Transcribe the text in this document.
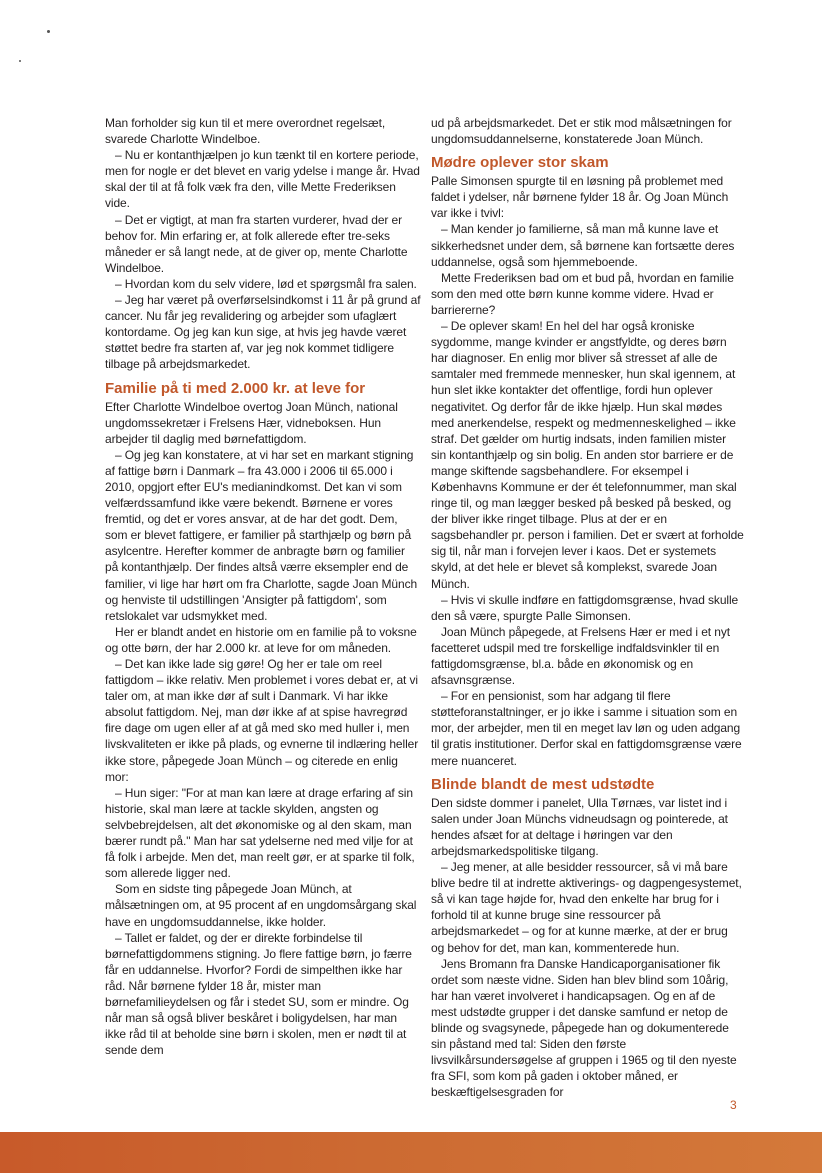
Man forholder sig kun til et mere overordnet regelsæt, svarede Charlotte Windelboe.

– Nu er kontanthjælpen jo kun tænkt til en kortere periode, men for nogle er det blevet en varig ydelse i mange år. Hvad skal der til at få folk væk fra den, ville Mette Frederiksen vide.

– Det er vigtigt, at man fra starten vurderer, hvad der er behov for. Min erfaring er, at folk allerede efter tre-seks måneder er så langt nede, at de giver op, mente Charlotte Windelboe.

– Hvordan kom du selv videre, lød et spørgsmål fra salen.

– Jeg har været på overførselsindkomst i 11 år på grund af cancer. Nu får jeg revalidering og arbejder som ufaglært kontordame. Og jeg kan kun sige, at hvis jeg havde været støttet bedre fra starten af, var jeg nok kommet tidligere tilbage på arbejdsmarkedet.

Familie på ti med 2.000 kr. at leve for

Efter Charlotte Windelboe overtog Joan Münch, national ungdomssekretær i Frelsens Hær, vidneboksen. Hun arbejder til daglig med børnefattigdom.

– Og jeg kan konstatere, at vi har set en markant stigning af fattige børn i Danmark – fra 43.000 i 2006 til 65.000 i 2010, opgjort efter EU's medianindkomst. Det kan vi som velfærdssamfund ikke være bekendt. Børnene er vores fremtid, og det er vores ansvar, at de har det godt. Dem, som er blevet fattigere, er familier på starthjælp og børn på asylcentre. Herefter kommer de anbragte børn og familier på kontanthjælp. Der findes altså værre eksempler end de familier, vi lige har hørt om fra Charlotte, sagde Joan Münch og henviste til udstillingen 'Ansigter på fattigdom', som retslokalet var udsmykket med.

Her er blandt andet en historie om en familie på to voksne og otte børn, der har 2.000 kr. at leve for om måneden.

– Det kan ikke lade sig gøre! Og her er tale om reel fattigdom – ikke relativ. Men problemet i vores debat er, at vi taler om, at man ikke dør af sult i Danmark. Vi har ikke absolut fattigdom. Nej, man dør ikke af at spise havregrød fire dage om ugen eller af at gå med sko med huller i, men livskvaliteten er ikke på plads, og evnerne til indlæring heller ikke store, påpegede Joan Münch – og citerede en enlig mor:

– Hun siger: "For at man kan lære at drage erfaring af sin historie, skal man lære at tackle skylden, angsten og selvbebrejdelsen, alt det økonomiske og al den skam, man bærer rundt på." Man har sat ydelserne ned med vilje for at få folk i arbejde. Men det, man reelt gør, er at sparke til folk, som allerede ligger ned.

Som en sidste ting påpegede Joan Münch, at målsætningen om, at 95 procent af en ungdomsårgang skal have en ungdomsuddannelse, ikke holder.

– Tallet er faldet, og der er direkte forbindelse til børnefattigdommens stigning. Jo flere fattige børn, jo færre får en uddannelse. Hvorfor? Fordi de simpelthen ikke har råd. Når børnene fylder 18 år, mister man børnefamilieydelsen og får i stedet SU, som er mindre. Og når man så også bliver beskåret i boligydelsen, har man ikke råd til at beholde sine børn i skolen, men er nødt til at sende dem

ud på arbejdsmarkedet. Det er stik mod målsætningen for ungdomsuddannelserne, konstaterede Joan Münch.

Mødre oplever stor skam

Palle Simonsen spurgte til en løsning på problemet med faldet i ydelser, når børnene fylder 18 år. Og Joan Münch var ikke i tvivl:

– Man kender jo familierne, så man må kunne lave et sikkerhedsnet under dem, så børnene kan fortsætte deres uddannelse, også som hjemmeboende.

Mette Frederiksen bad om et bud på, hvordan en familie som den med otte børn kunne komme videre. Hvad er barriererne?

– De oplever skam! En hel del har også kroniske sygdomme, mange kvinder er angstfyldte, og deres børn har diagnoser. En enlig mor bliver så stresset af alle de samtaler med fremmede mennesker, hun skal igennem, at hun slet ikke kontakter det offentlige, fordi hun oplever negativitet. Og derfor får de ikke hjælp. Hun skal mødes med anerkendelse, respekt og medmenneskelighed – ikke straf. Det gælder om hurtig indsats, inden familien mister sin kontanthjælp og sin bolig. En anden stor barriere er de mange skiftende sagsbehandlere. For eksempel i Københavns Kommune er der ét telefonnummer, man skal ringe til, og man lægger besked på besked på besked, og der bliver ikke ringet tilbage. Plus at der er en sagsbehandler pr. person i familien. Det er svært at forholde sig til, når man i forvejen lever i kaos. Det er systemets skyld, at det hele er blevet så komplekst, svarede Joan Münch.

– Hvis vi skulle indføre en fattigdomsgrænse, hvad skulle den så være, spurgte Palle Simonsen.

Joan Münch påpegede, at Frelsens Hær er med i et nyt facetteret udspil med tre forskellige indfaldsvinkler til en fattigdomsgrænse, bl.a. både en økonomisk og en afsavnsgrænse.

– For en pensionist, som har adgang til flere støtteforanstaltninger, er jo ikke i samme i situation som en mor, der arbejder, men til en meget lav løn og uden adgang til gratis institutioner. Derfor skal en fattigdomsgrænse være mere nuanceret.

Blinde blandt de mest udstødte

Den sidste dommer i panelet, Ulla Tørnæs, var listet ind i salen under Joan Münchs vidneudsagn og pointerede, at hendes afsæt for at deltage i høringen var den arbejdsmarkedspolitiske tilgang.

– Jeg mener, at alle besidder ressourcer, så vi må bare blive bedre til at indrette aktiverings- og dagpengesystemet, så vi kan tage højde for, hvad den enkelte har brug for i forhold til at kunne bruge sine ressourcer på arbejdsmarkedet – og for at kunne mærke, at der er brug og behov for det, man kan, kommenterede hun.

Jens Bromann fra Danske Handicaporganisationer fik ordet som næste vidne. Siden han blev blind som 10årig, har han været involveret i handicapsagen. Og en af de mest udstødte grupper i det danske samfund er netop de blinde og svagsynede, påpegede han og dokumenterede sin påstand med tal: Siden den første livsvilkårsundersøgelse af gruppen i 1965 og til den nyeste fra SFI, som kom på gaden i oktober måned, er beskæftigelsesgraden for

3
